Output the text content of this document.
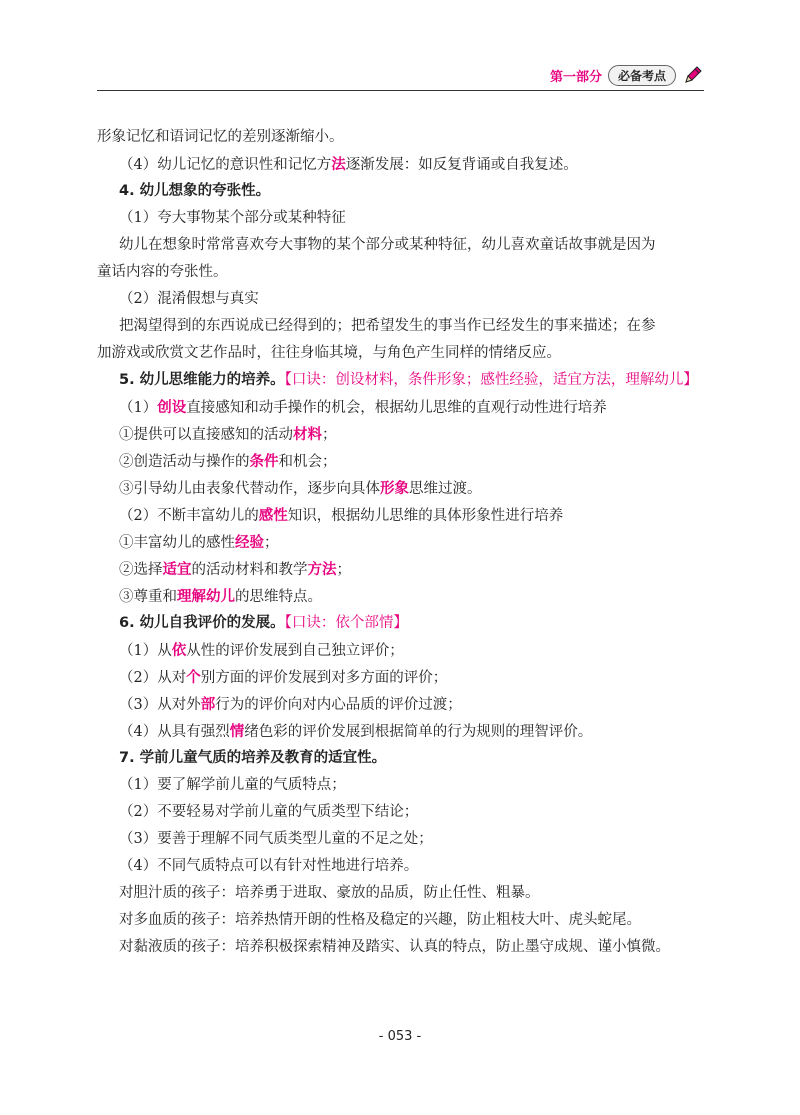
第一部分	必备考点
形象记忆和语词记忆的差别逐渐缩小。
（4）幼儿记忆的意识性和记忆方法逐渐发展：如反复背诵或自我复述。
4. 幼儿想象的夸张性。
（1）夸大事物某个部分或某种特征
幼儿在想象时常常喜欢夸大事物的某个部分或某种特征，幼儿喜欢童话故事就是因为
童话内容的夸张性。
（2）混淆假想与真实
把渴望得到的东西说成已经得到的；把希望发生的事当作已经发生的事来描述；在参
加游戏或欣赏文艺作品时，往往身临其境，与角色产生同样的情绪反应。
5. 幼儿思维能力的培养。【口诀：创设材料，条件形象；感性经验，适宜方法，理解幼儿】
（1）创设直接感知和动手操作的机会，根据幼儿思维的直观行动性进行培养
①提供可以直接感知的活动材料；
②创造活动与操作的条件和机会；
③引导幼儿由表象代替动作，逐步向具体形象思维过渡。
（2）不断丰富幼儿的感性知识，根据幼儿思维的具体形象性进行培养
①丰富幼儿的感性经验；
②选择适宜的活动材料和教学方法；
③尊重和理解幼儿的思维特点。
6. 幼儿自我评价的发展。【口诀：依个部情】
（1）从依从性的评价发展到自己独立评价；
（2）从对个别方面的评价发展到对多方面的评价；
（3）从对外部行为的评价向对内心品质的评价过渡；
（4）从具有强烈情绪色彩的评价发展到根据简单的行为规则的理智评价。
7. 学前儿童气质的培养及教育的适宜性。
（1）要了解学前儿童的气质特点；
（2）不要轻易对学前儿童的气质类型下结论；
（3）要善于理解不同气质类型儿童的不足之处；
（4）不同气质特点可以有针对性地进行培养。
对胆汁质的孩子：培养勇于进取、豪放的品质，防止任性、粗暴。
对多血质的孩子：培养热情开朗的性格及稳定的兴趣，防止粗枝大叶、虎头蛇尾。
对黏液质的孩子：培养积极探索精神及踏实、认真的特点，防止墨守成规、谨小慎微。
- 053 -
